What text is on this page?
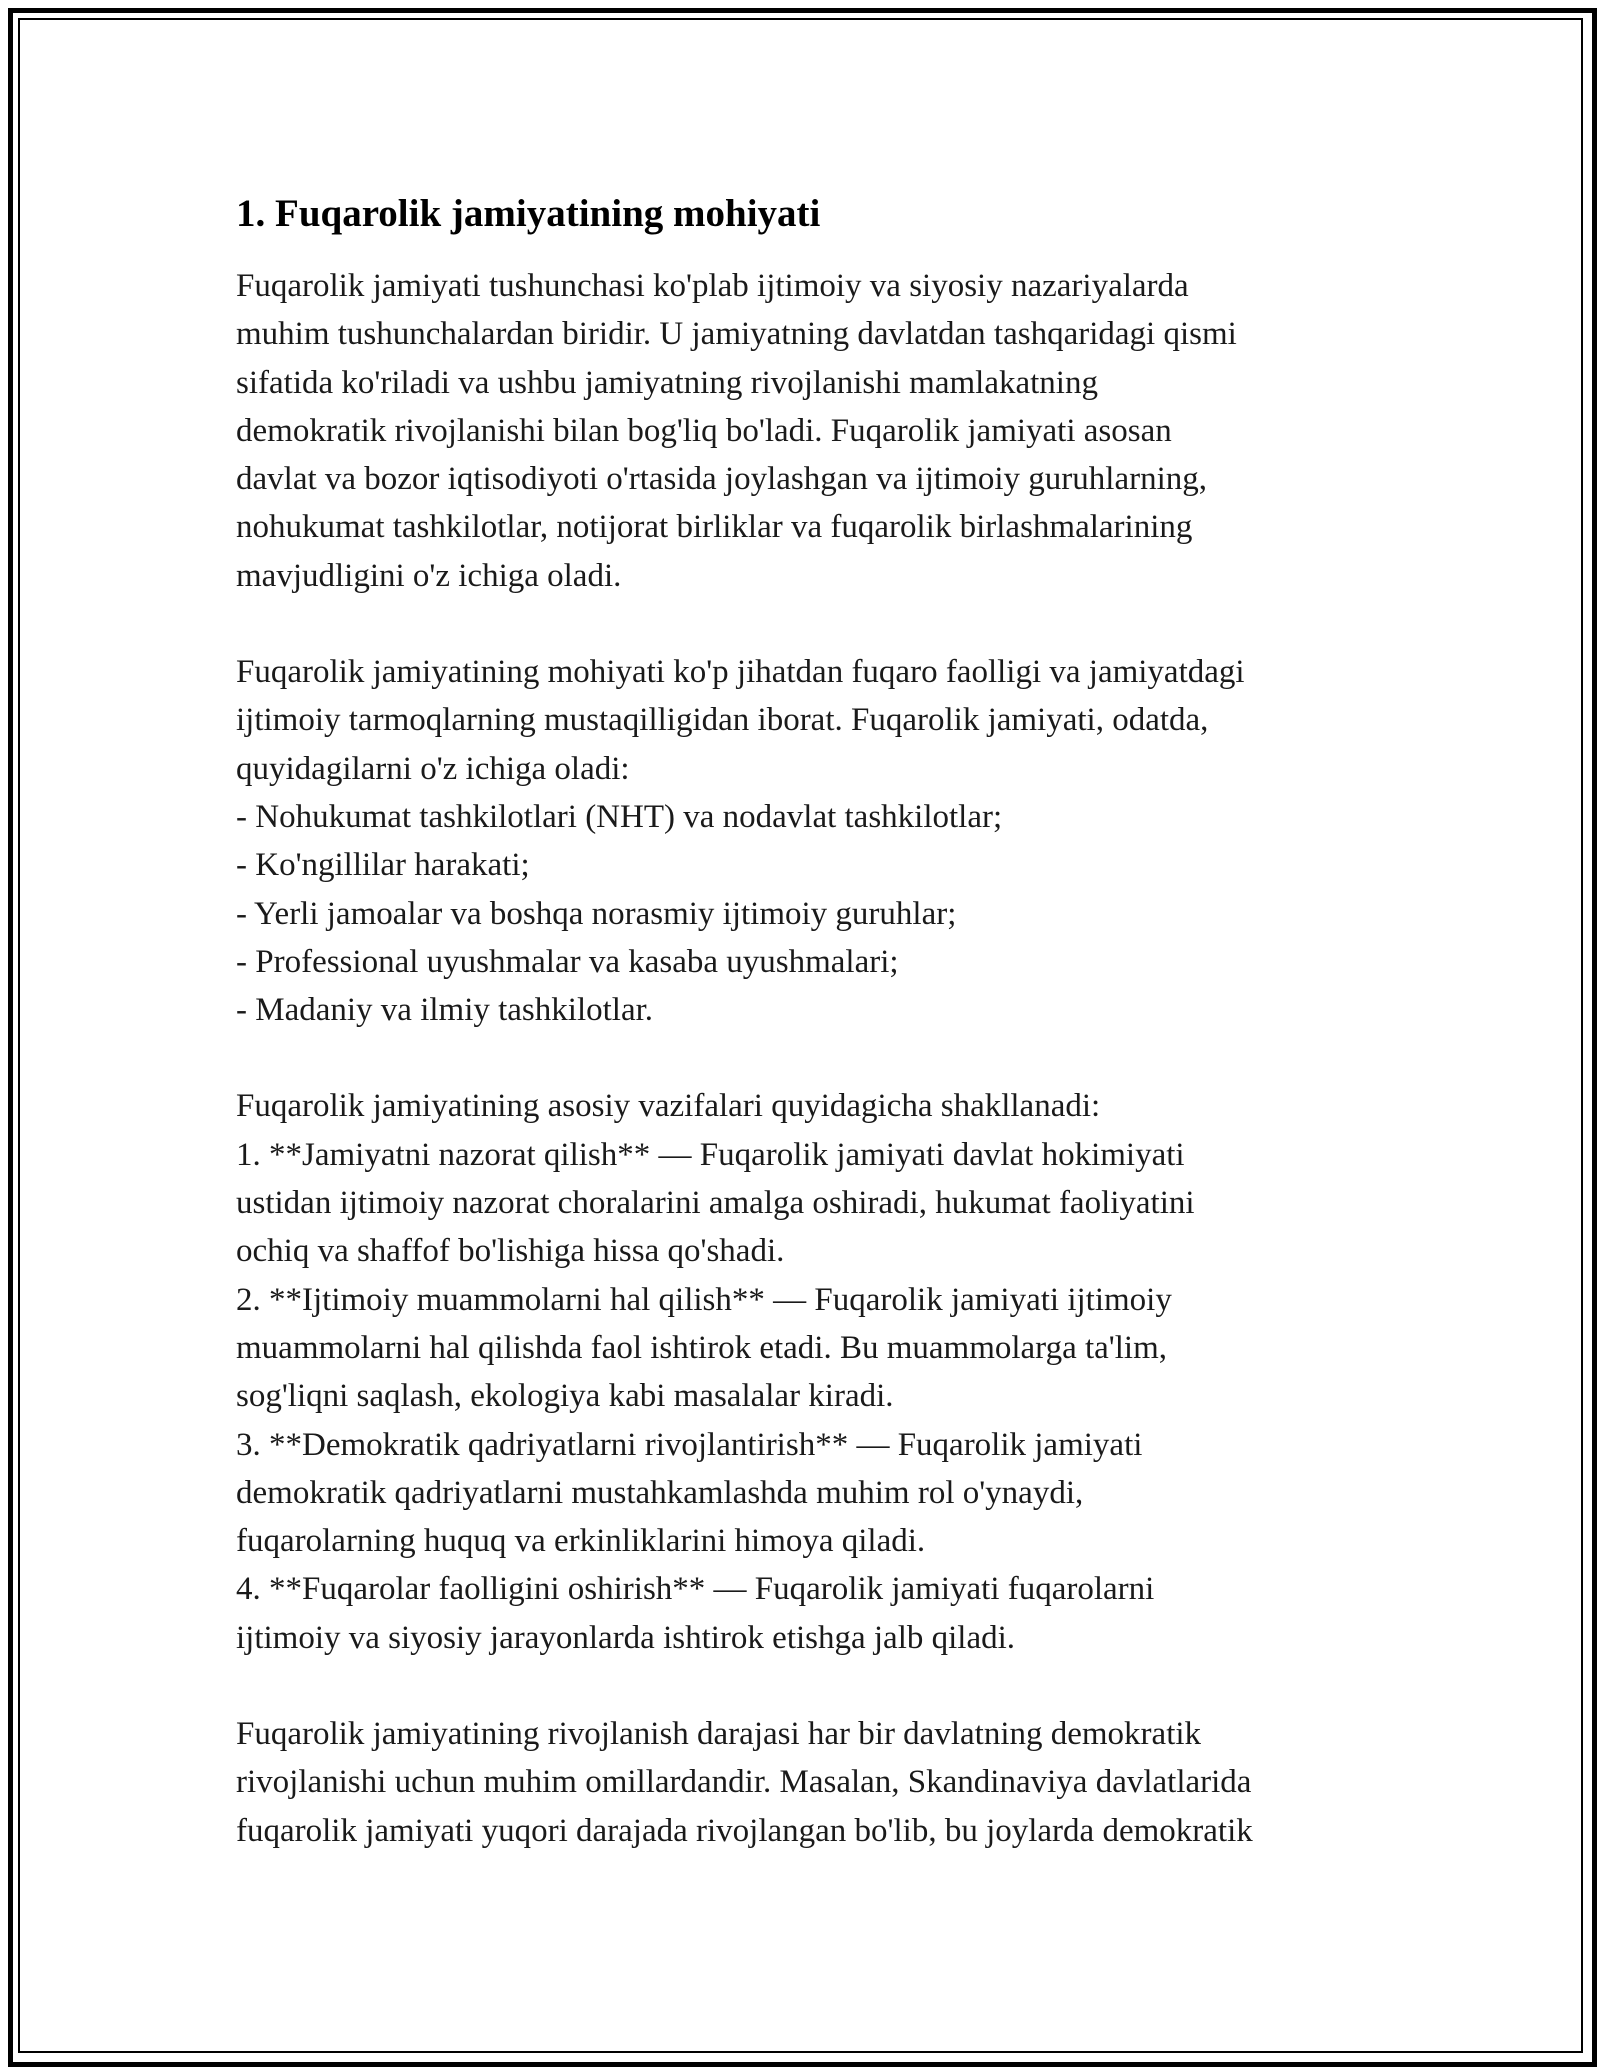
1. Fuqarolik jamiyatining mohiyati

Fuqarolik jamiyati tushunchasi ko'plab ijtimoiy va siyosiy nazariyalarda
muhim tushunchalardan biridir. U jamiyatning davlatdan tashqaridagi qismi
sifatida ko'riladi va ushbu jamiyatning rivojlanishi mamlakatning
demokratik rivojlanishi bilan bog'liq bo'ladi. Fuqarolik jamiyati asosan
davlat va bozor iqtisodiyoti o'rtasida joylashgan va ijtimoiy guruhlarning,
nohukumat tashkilotlar, notijorat birliklar va fuqarolik birlashmalarining
mavjudligini o'z ichiga oladi.

Fuqarolik jamiyatining mohiyati ko'p jihatdan fuqaro faolligi va jamiyatdagi
ijtimoiy tarmoqlarning mustaqilligidan iborat. Fuqarolik jamiyati, odatda,
quyidagilarni o'z ichiga oladi:
- Nohukumat tashkilotlari (NHT) va nodavlat tashkilotlar;
- Ko'ngillilar harakati;
- Yerli jamoalar va boshqa norasmiy ijtimoiy guruhlar;
- Professional uyushmalar va kasaba uyushmalari;
- Madaniy va ilmiy tashkilotlar.

Fuqarolik jamiyatining asosiy vazifalari quyidagicha shakllanadi:
1. **Jamiyatni nazorat qilish** — Fuqarolik jamiyati davlat hokimiyati
ustidan ijtimoiy nazorat choralarini amalga oshiradi, hukumat faoliyatini
ochiq va shaffof bo'lishiga hissa qo'shadi.
2. **Ijtimoiy muammolarni hal qilish** — Fuqarolik jamiyati ijtimoiy
muammolarni hal qilishda faol ishtirok etadi. Bu muammolarga ta'lim,
sog'liqni saqlash, ekologiya kabi masalalar kiradi.
3. **Demokratik qadriyatlarni rivojlantirish** — Fuqarolik jamiyati
demokratik qadriyatlarni mustahkamlashda muhim rol o'ynaydi,
fuqarolarning huquq va erkinliklarini himoya qiladi.
4. **Fuqarolar faolligini oshirish** — Fuqarolik jamiyati fuqarolarni
ijtimoiy va siyosiy jarayonlarda ishtirok etishga jalb qiladi.

Fuqarolik jamiyatining rivojlanish darajasi har bir davlatning demokratik
rivojlanishi uchun muhim omillardandir. Masalan, Skandinaviya davlatlarida
fuqarolik jamiyati yuqori darajada rivojlangan bo'lib, bu joylarda demokratik
